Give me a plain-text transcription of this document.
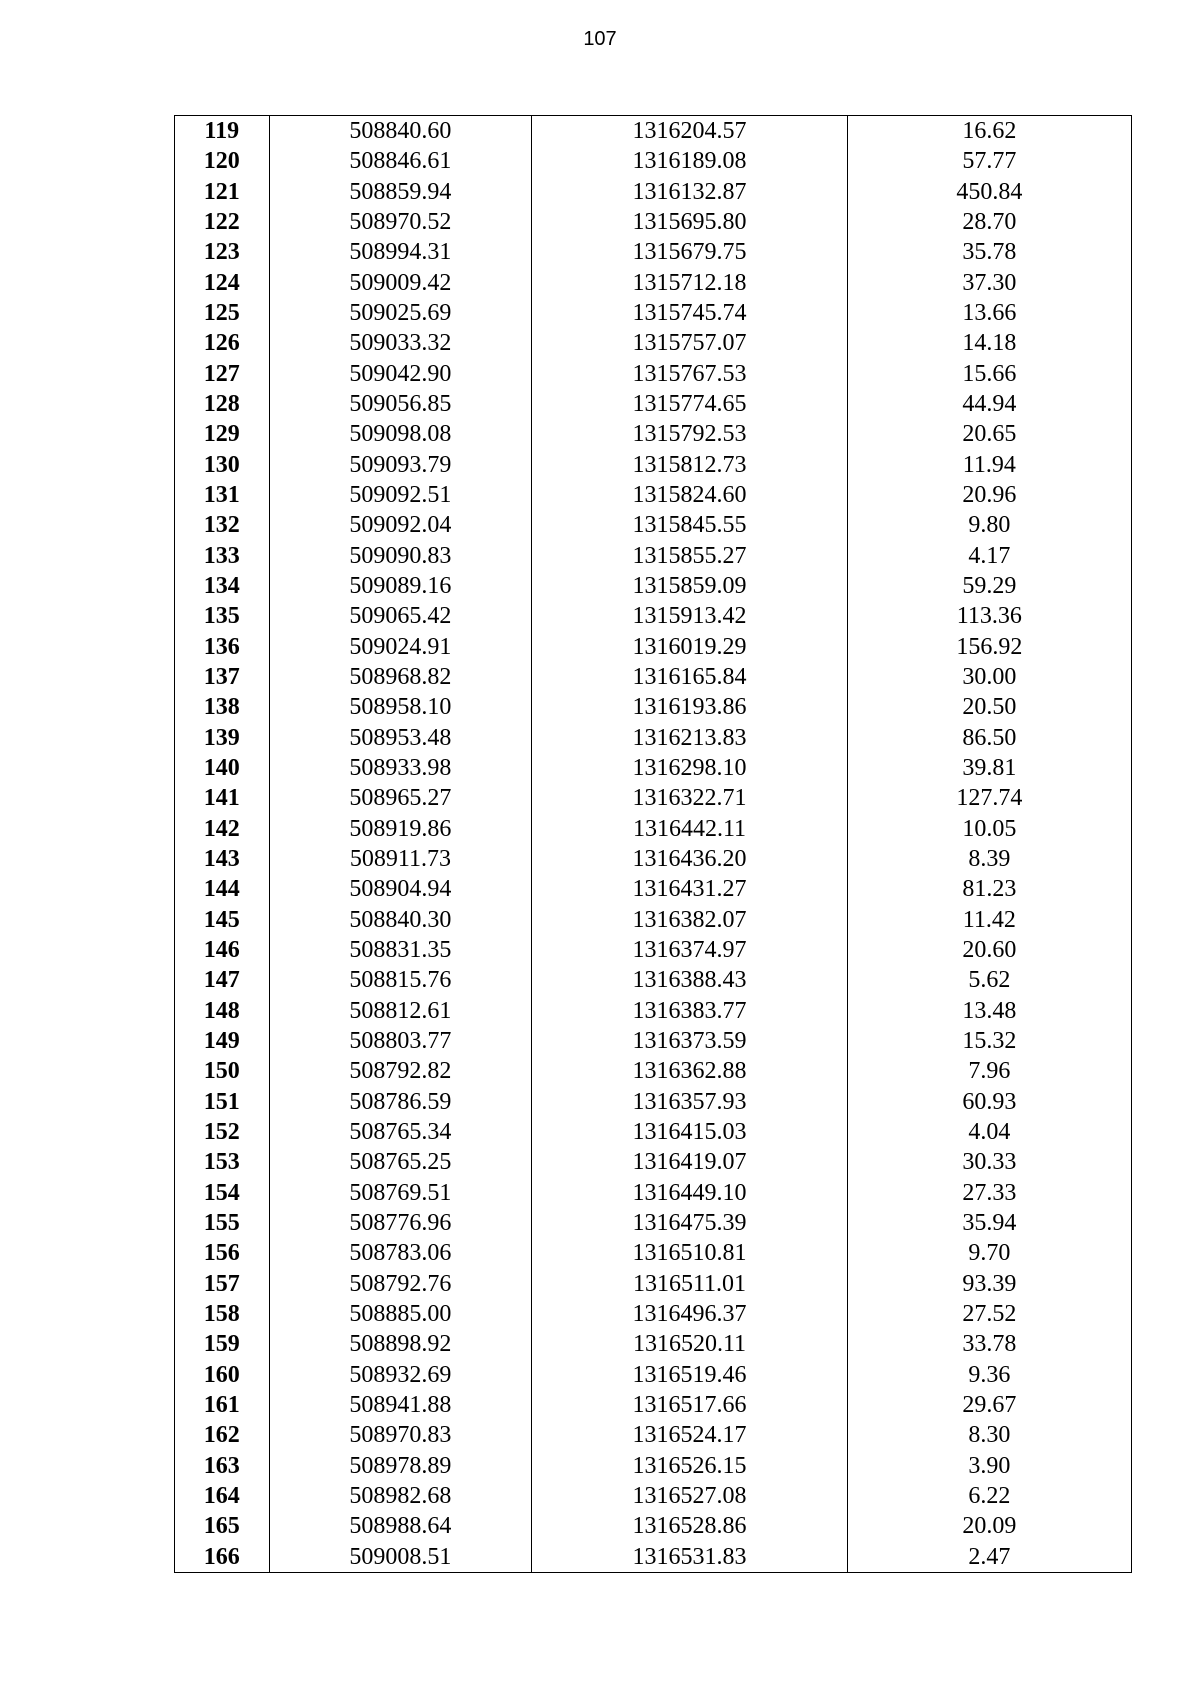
107
119	508840.60	1316204.57	16.62
120	508846.61	1316189.08	57.77
121	508859.94	1316132.87	450.84
122	508970.52	1315695.80	28.70
123	508994.31	1315679.75	35.78
124	509009.42	1315712.18	37.30
125	509025.69	1315745.74	13.66
126	509033.32	1315757.07	14.18
127	509042.90	1315767.53	15.66
128	509056.85	1315774.65	44.94
129	509098.08	1315792.53	20.65
130	509093.79	1315812.73	11.94
131	509092.51	1315824.60	20.96
132	509092.04	1315845.55	9.80
133	509090.83	1315855.27	4.17
134	509089.16	1315859.09	59.29
135	509065.42	1315913.42	113.36
136	509024.91	1316019.29	156.92
137	508968.82	1316165.84	30.00
138	508958.10	1316193.86	20.50
139	508953.48	1316213.83	86.50
140	508933.98	1316298.10	39.81
141	508965.27	1316322.71	127.74
142	508919.86	1316442.11	10.05
143	508911.73	1316436.20	8.39
144	508904.94	1316431.27	81.23
145	508840.30	1316382.07	11.42
146	508831.35	1316374.97	20.60
147	508815.76	1316388.43	5.62
148	508812.61	1316383.77	13.48
149	508803.77	1316373.59	15.32
150	508792.82	1316362.88	7.96
151	508786.59	1316357.93	60.93
152	508765.34	1316415.03	4.04
153	508765.25	1316419.07	30.33
154	508769.51	1316449.10	27.33
155	508776.96	1316475.39	35.94
156	508783.06	1316510.81	9.70
157	508792.76	1316511.01	93.39
158	508885.00	1316496.37	27.52
159	508898.92	1316520.11	33.78
160	508932.69	1316519.46	9.36
161	508941.88	1316517.66	29.67
162	508970.83	1316524.17	8.30
163	508978.89	1316526.15	3.90
164	508982.68	1316527.08	6.22
165	508988.64	1316528.86	20.09
166	509008.51	1316531.83	2.47
